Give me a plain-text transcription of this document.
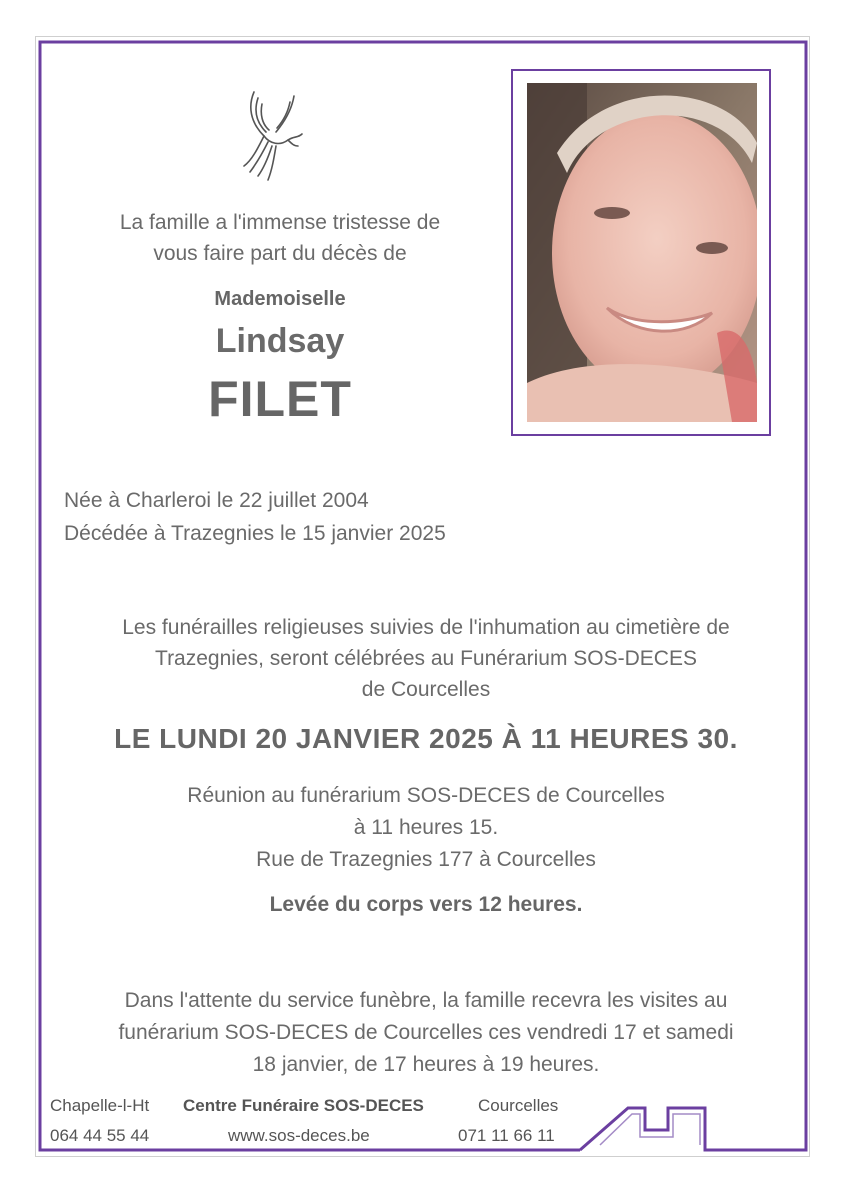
La famille a l'immense tristesse de
vous faire part du décès de
Mademoiselle
Lindsay
FILET
Née à Charleroi le 22 juillet 2004
Décédée à Trazegnies le 15 janvier 2025
Les funérailles religieuses suivies de l'inhumation au cimetière de
Trazegnies, seront célébrées au Funérarium SOS-DECES
de Courcelles
LE LUNDI 20 JANVIER 2025 À 11 HEURES 30.
Réunion au funérarium SOS-DECES de Courcelles
à 11 heures 15.
Rue de Trazegnies 177 à Courcelles
Levée du corps vers 12 heures.
Dans l'attente du service funèbre, la famille recevra les visites au
funérarium SOS-DECES de Courcelles ces vendredi 17 et samedi
18 janvier, de 17 heures à 19 heures.
Chapelle-l-Ht
064 44 55 44
Centre Funéraire SOS-DECES
www.sos-deces.be
Courcelles
071 11 66 11
